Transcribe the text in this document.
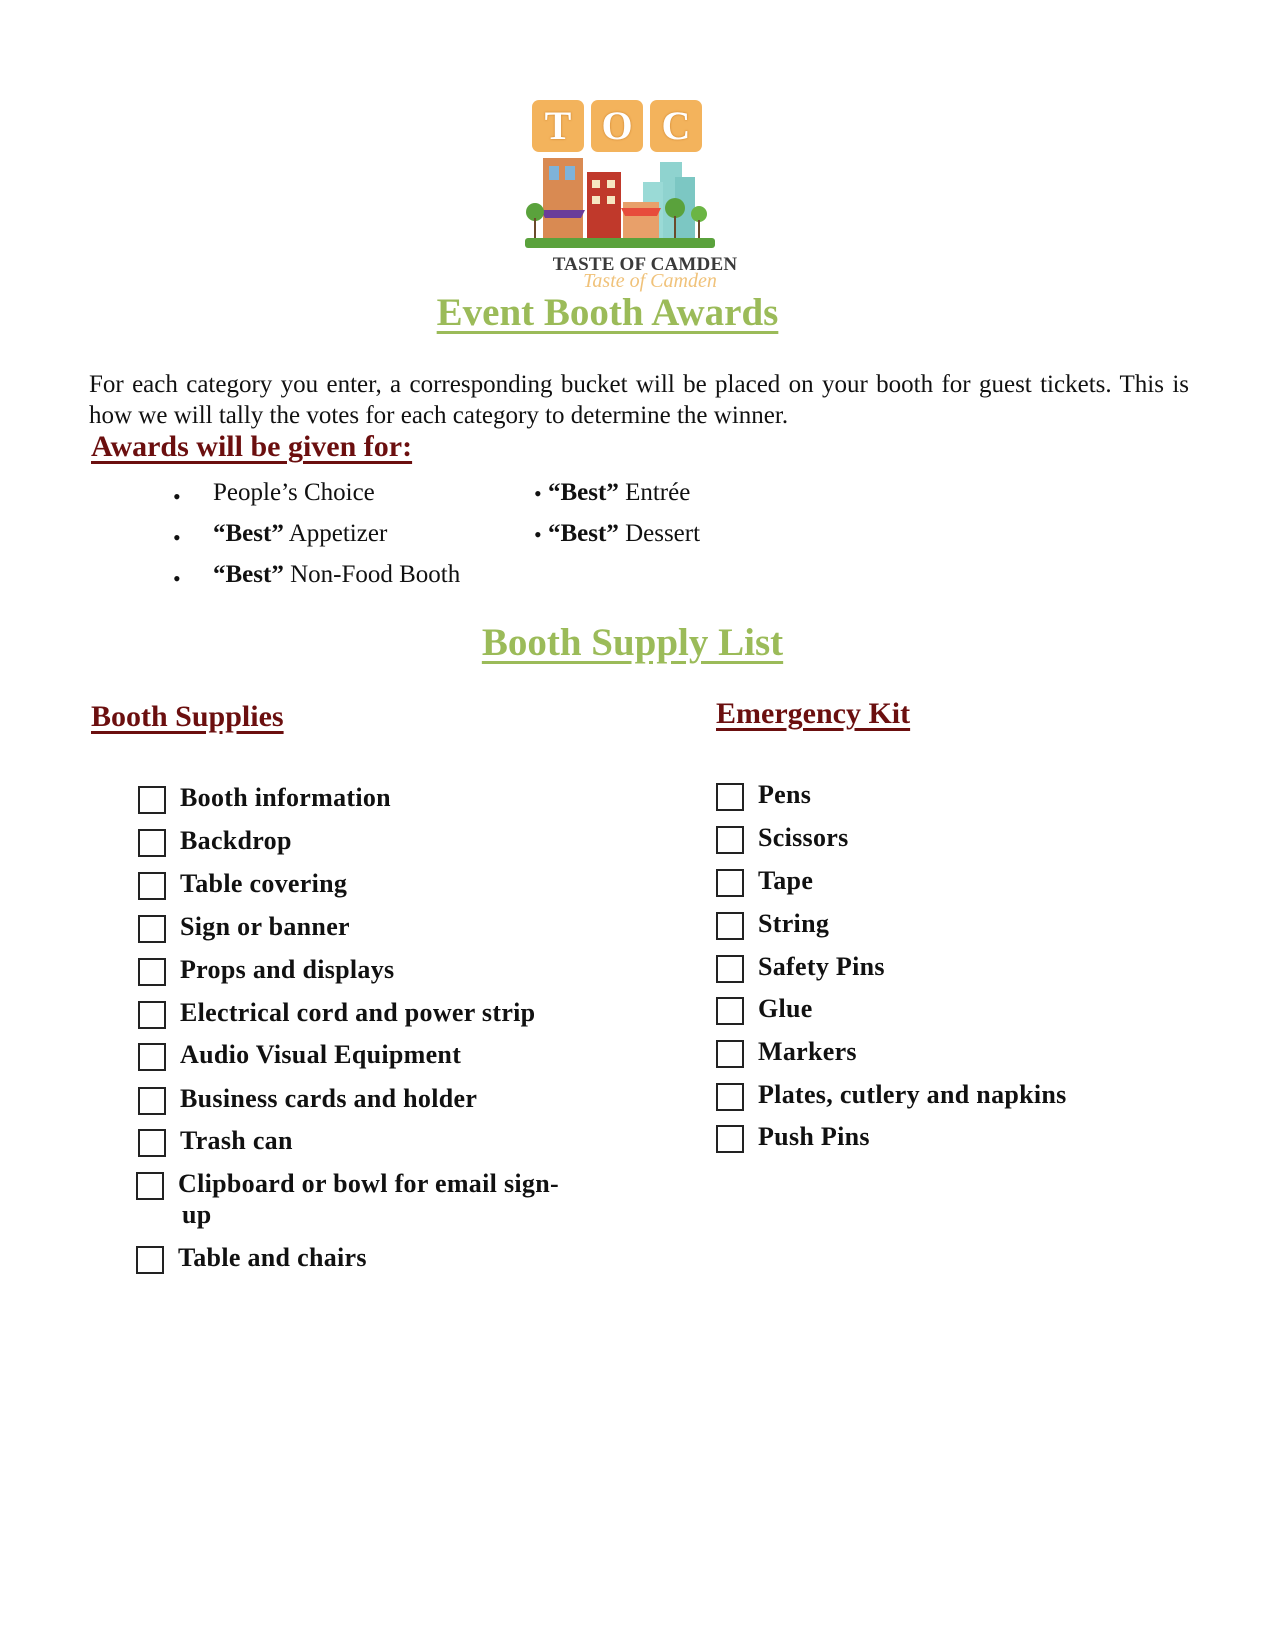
T O C
TASTE OF CAMDEN
Taste of Camden
Event Booth Awards
For each category you enter, a corresponding bucket will be placed on your booth for guest tickets. This is how we will tally the votes for each category to determine the winner.
Awards will be given for:
• People’s Choice
• “Best” Appetizer
• “Best” Non-Food Booth
• “Best” Entrée
• “Best” Dessert
Booth Supply List
Booth Supplies	Emergency Kit
Booth information
Backdrop
Table covering
Sign or banner
Props and displays
Electrical cord and power strip
Audio Visual Equipment
Business cards and holder
Trash can
Clipboard or bowl for email sign-
up
Table and chairs
Pens
Scissors
Tape
String
Safety Pins
Glue
Markers
Plates, cutlery and napkins
Push Pins
